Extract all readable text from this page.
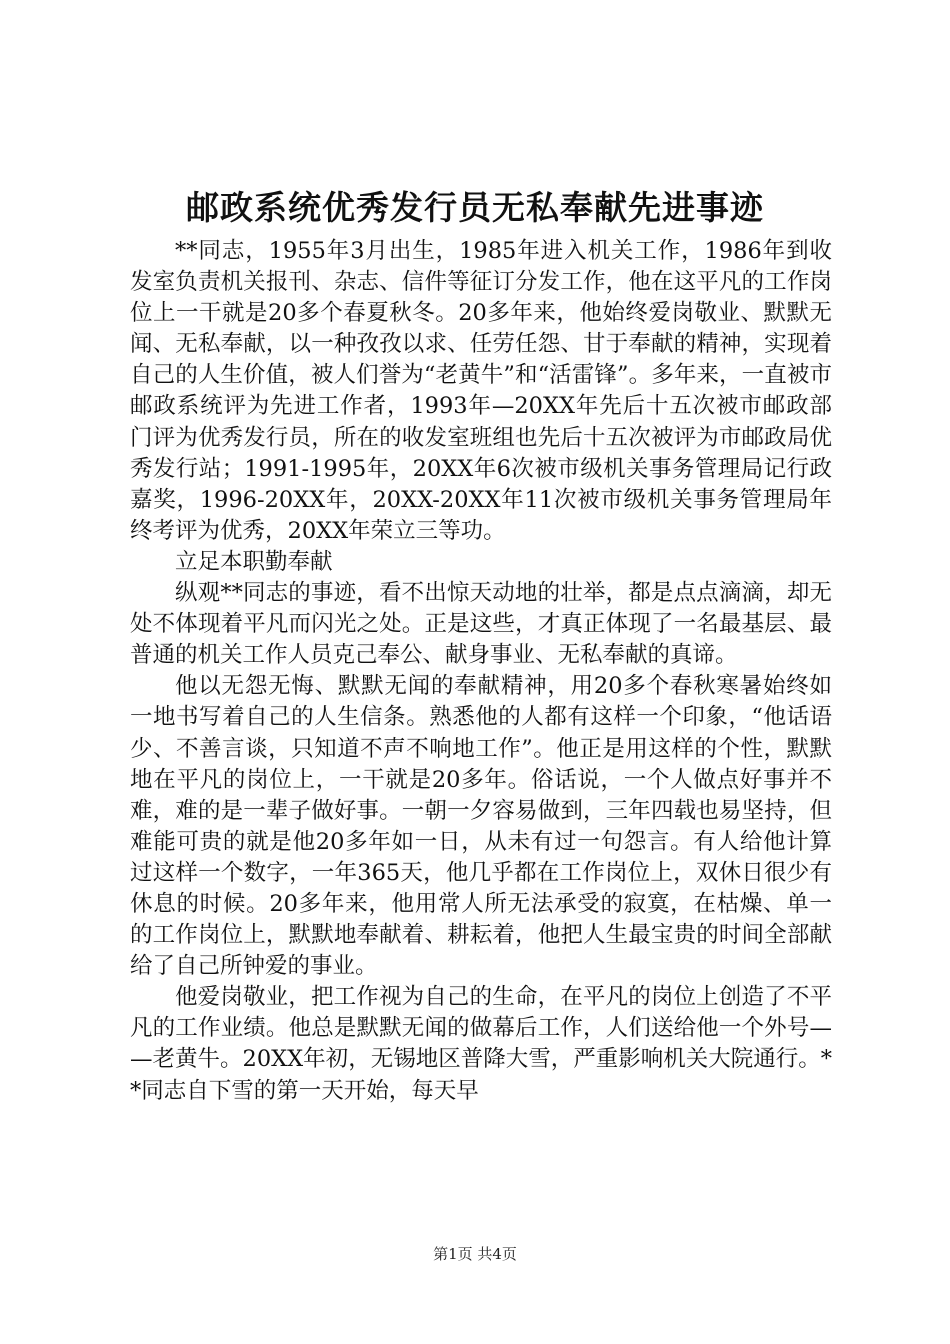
邮政系统优秀发行员无私奉献先进事迹

**同志，1955年3月出生，1985年进入机关工作，1986年到收发室负责机关报刊、杂志、信件等征订分发工作，他在这平凡的工作岗位上一干就是20多个春夏秋冬。20多年来，他始终爱岗敬业、默默无闻、无私奉献，以一种孜孜以求、任劳任怨、甘于奉献的精神，实现着自己的人生价值，被人们誉为“老黄牛”和“活雷锋”。多年来，一直被市邮政系统评为先进工作者，1993年—20XX年先后十五次被市邮政部门评为优秀发行员，所在的收发室班组也先后十五次被评为市邮政局优秀发行站；1991-1995年，20XX年6次被市级机关事务管理局记行政嘉奖，1996-20XX年，20XX-20XX年11次被市级机关事务管理局年终考评为优秀，20XX年荣立三等功。

立足本职勤奉献

纵观**同志的事迹，看不出惊天动地的壮举，都是点点滴滴，却无处不体现着平凡而闪光之处。正是这些，才真正体现了一名最基层、最普通的机关工作人员克己奉公、献身事业、无私奉献的真谛。

他以无怨无悔、默默无闻的奉献精神，用20多个春秋寒暑始终如一地书写着自己的人生信条。熟悉他的人都有这样一个印象，“他话语少、不善言谈，只知道不声不响地工作”。他正是用这样的个性，默默地在平凡的岗位上，一干就是20多年。俗话说，一个人做点好事并不难，难的是一辈子做好事。一朝一夕容易做到，三年四载也易坚持，但难能可贵的就是他20多年如一日，从未有过一句怨言。有人给他计算过这样一个数字，一年365天，他几乎都在工作岗位上，双休日很少有休息的时候。20多年来，他用常人所无法承受的寂寞，在枯燥、单一的工作岗位上，默默地奉献着、耕耘着，他把人生最宝贵的时间全部献给了自己所钟爱的事业。

他爱岗敬业，把工作视为自己的生命，在平凡的岗位上创造了不平凡的工作业绩。他总是默默无闻的做幕后工作，人们送给他一个外号——老黄牛。20XX年初，无锡地区普降大雪，严重影响机关大院通行。**同志自下雪的第一天开始，每天早

第1页 共4页
